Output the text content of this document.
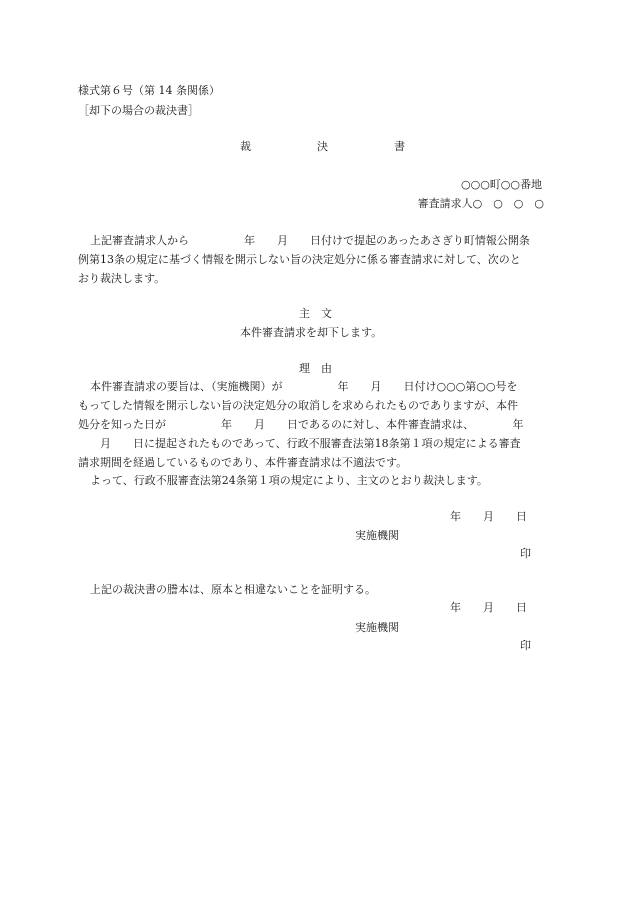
様式第６号（第 14 条関係）

［却下の場合の裁決書］

裁　　　　　　決　　　　　　書

○○○町○○番地

審査請求人○　○　○　○

上記審査請求人から　　　　　年　　月　　日付けで提起のあったあさぎり町情報公開条

例第13条の規定に基づく情報を開示しない旨の決定処分に係る審査請求に対して、次のと

おり裁決します。

主　文

本件審査請求を却下します。

理　由

本件審査請求の要旨は、（実施機関）が　　　　　年　　月　　日付け○○○第○○号を

もってした情報を開示しない旨の決定処分の取消しを求められたものでありますが、本件

処分を知った日が　　　　　年　　月　　日であるのに対し、本件審査請求は、　　　　年

　　月　　日に提起されたものであって、行政不服審査法第18条第１項の規定による審査

請求期間を経過しているものであり、本件審査請求は不適法です。

よって、行政不服審査法第24条第１項の規定により、主文のとおり裁決します。

年　　月　　日

実施機関

印

上記の裁決書の謄本は、原本と相違ないことを証明する。

年　　月　　日

実施機関

印
